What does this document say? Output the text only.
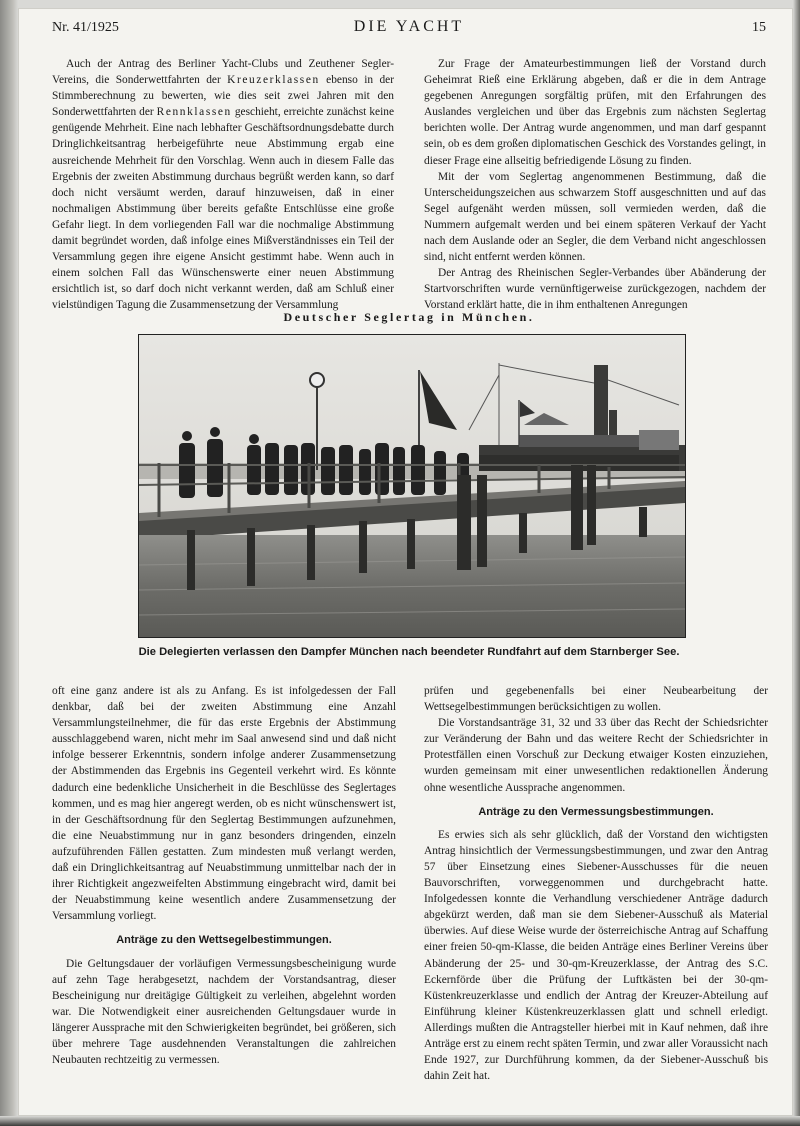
Nr. 41/1925	DIE YACHT	15

Auch der Antrag des Berliner Yacht-Clubs und Zeuthener Segler-Vereins, die Sonderwettfahrten der Kreuzerklassen ebenso in der Stimmberechnung zu bewerten, wie dies seit zwei Jahren mit den Sonderwettfahrten der Rennklassen geschieht, erreichte zunächst keine genügende Mehrheit. Eine nach lebhafter Geschäftsordnungsdebatte durch Dringlichkeitsantrag herbeigeführte neue Abstimmung ergab eine ausreichende Mehrheit für den Vorschlag. Wenn auch in diesem Falle das Ergebnis der zweiten Abstimmung durchaus begrüßt werden kann, so darf doch nicht versäumt werden, darauf hinzuweisen, daß in einer nochmaligen Abstimmung über bereits gefaßte Entschlüsse eine große Gefahr liegt. In dem vorliegenden Fall war die nochmalige Abstimmung damit begründet worden, daß infolge eines Mißverständnisses ein Teil der Versammlung gegen ihre eigene Ansicht gestimmt habe. Wenn auch in einem solchen Fall das Wünschenswerte einer neuen Abstimmung ersichtlich ist, so darf doch nicht verkannt werden, daß am Schluß einer vielstündigen Tagung die Zusammensetzung der Versammlung

Zur Frage der Amateurbestimmungen ließ der Vorstand durch Geheimrat Rieß eine Erklärung abgeben, daß er die in dem Antrage gegebenen Anregungen sorgfältig prüfen, mit den Erfahrungen des Auslandes vergleichen und über das Ergebnis zum nächsten Seglertag berichten wolle. Der Antrag wurde angenommen, und man darf gespannt sein, ob es dem großen diplomatischen Geschick des Vorstandes gelingt, in dieser Frage eine allseitig befriedigende Lösung zu finden.

Mit der vom Seglertag angenommenen Bestimmung, daß die Unterscheidungszeichen aus schwarzem Stoff ausgeschnitten und auf das Segel aufgenäht werden müssen, soll vermieden werden, daß die Nummern aufgemalt werden und bei einem späteren Verkauf der Yacht nach dem Auslande oder an Segler, die dem Verband nicht angeschlossen sind, nicht entfernt werden können.

Der Antrag des Rheinischen Segler-Verbandes über Abänderung der Startvorschriften wurde vernünftigerweise zurückgezogen, nachdem der Vorstand erklärt hatte, die in ihm enthaltenen Anregungen

Deutscher Seglertag in München.
Die Delegierten verlassen den Dampfer München nach beendeter Rundfahrt auf dem Starnberger See.

oft eine ganz andere ist als zu Anfang. Es ist infolgedessen der Fall denkbar, daß bei der zweiten Abstimmung eine Anzahl Versammlungsteilnehmer, die für das erste Ergebnis der Abstimmung ausschlaggebend waren, nicht mehr im Saal anwesend sind und daß nicht infolge besserer Erkenntnis, sondern infolge anderer Zusammensetzung der Abstimmenden das Ergebnis ins Gegenteil verkehrt wird. Es könnte dadurch eine bedenkliche Unsicherheit in die Beschlüsse des Seglertages kommen, und es mag hier angeregt werden, ob es nicht wünschenswert ist, in der Geschäftsordnung für den Seglertag Bestimmungen aufzunehmen, die eine Neuabstimmung nur in ganz besonders dringenden, einzeln aufzuführenden Fällen gestatten. Zum mindesten muß verlangt werden, daß ein Dringlichkeitsantrag auf Neuabstimmung unmittelbar nach der in ihrer Richtigkeit angezweifelten Abstimmung eingebracht wird, damit bei der Neuabstimmung keine wesentlich andere Zusammensetzung der Versammlung vorliegt.

Anträge zu den Wettsegelbestimmungen.

Die Geltungsdauer der vorläufigen Vermessungsbescheinigung wurde auf zehn Tage herabgesetzt, nachdem der Vorstandsantrag, dieser Bescheinigung nur dreitägige Gültigkeit zu verleihen, abgelehnt worden war. Die Notwendigkeit einer ausreichenden Geltungsdauer wurde in längerer Aussprache mit den Schwierigkeiten begründet, bei größeren, sich über mehrere Tage ausdehnenden Veranstaltungen die zahlreichen Neubauten rechtzeitig zu vermessen.

prüfen und gegebenenfalls bei einer Neubearbeitung der Wettsegelbestimmungen berücksichtigen zu wollen.

Die Vorstandsanträge 31, 32 und 33 über das Recht der Schiedsrichter zur Veränderung der Bahn und das weitere Recht der Schiedsrichter in Protestfällen einen Vorschuß zur Deckung etwaiger Kosten einzuziehen, wurden gemeinsam mit einer unwesentlichen redaktionellen Änderung ohne wesentliche Aussprache angenommen.

Anträge zu den Vermessungsbestimmungen.

Es erwies sich als sehr glücklich, daß der Vorstand den wichtigsten Antrag hinsichtlich der Vermessungsbestimmungen, und zwar den Antrag 57 über Einsetzung eines Siebener-Ausschusses für die neuen Bauvorschriften, vorweggenommen und durchgebracht hatte. Infolgedessen konnte die Verhandlung verschiedener Anträge dadurch abgekürzt werden, daß man sie dem Siebener-Ausschuß als Material überwies. Auf diese Weise wurde der österreichische Antrag auf Schaffung einer freien 50-qm-Klasse, die beiden Anträge eines Berliner Vereins über Abänderung der 25- und 30-qm-Kreuzerklasse, der Antrag des S.C. Eckernförde über die Prüfung der Luftkästen bei der 30-qm-Küstenkreuzerklasse und endlich der Antrag der Kreuzer-Abteilung auf Einführung kleiner Küstenkreuzerklassen glatt und schnell erledigt. Allerdings mußten die Antragsteller hierbei mit in Kauf nehmen, daß ihre Anträge erst zu einem recht späten Termin, und zwar aller Voraussicht nach Ende 1927, zur Durchführung kommen, da der Siebener-Ausschuß bis dahin Zeit hat.
